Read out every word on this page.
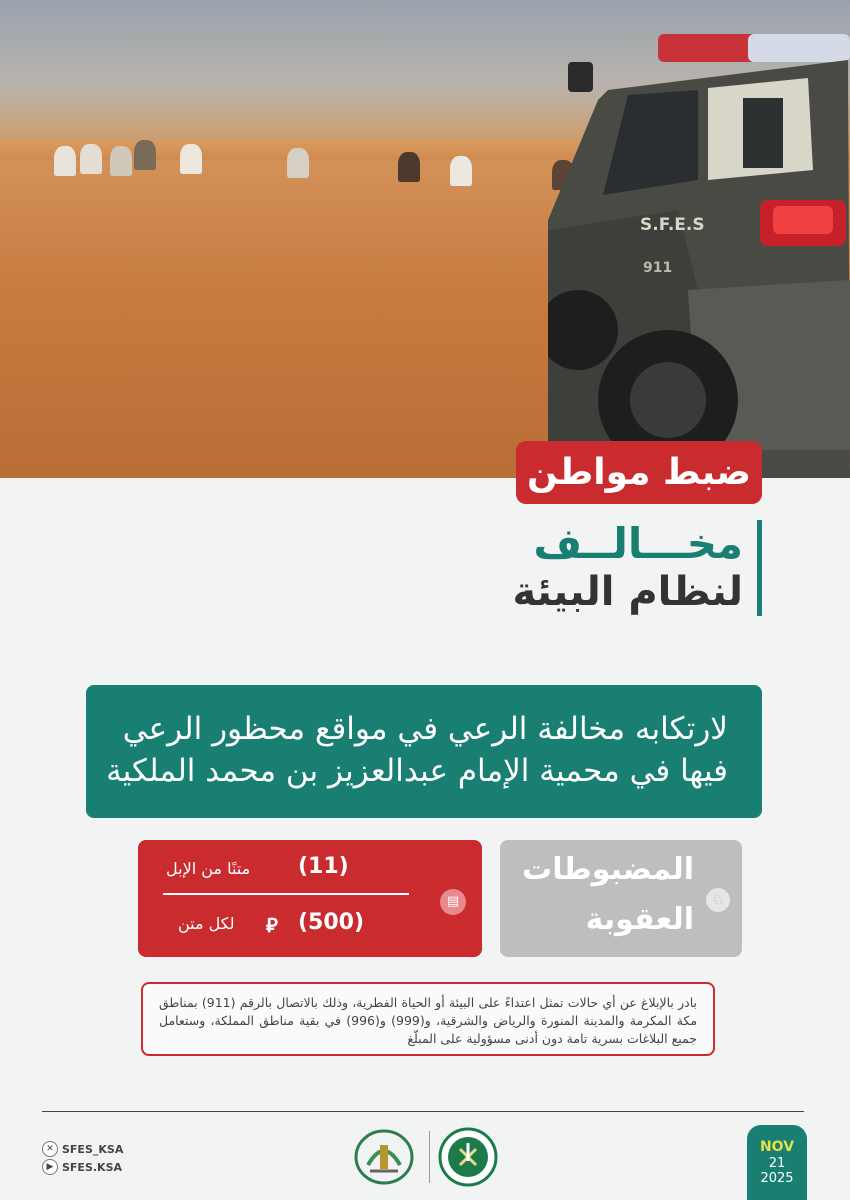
S.F.E.S
911
ضبط مواطن
مخـــالــف
لنظام البيئة
لارتكابه مخالفة الرعي في مواقع محظور الرعي
فيها في محمية الإمام عبدالعزيز بن محمد الملكية
المضبوطات
العقوبة
♘
(11)
متنًا من الإبل
(500)
⃁
لكل متن
▤
بادر بالإبلاغ عن أي حالات تمثل اعتداءً على البيئة أو الحياة الفطرية، وذلك بالاتصال بالرقم (911) بمناطق مكة المكرمة والمدينة المنورة والرياض والشرقية، و(999) و(996) في بقية مناطق المملكة، وستعامل جميع البلاغات بسرية تامة دون أدنى مسؤولية على المبلّغ
✕ SFES_KSA
▶ SFES.KSA
NOV
21
2025
